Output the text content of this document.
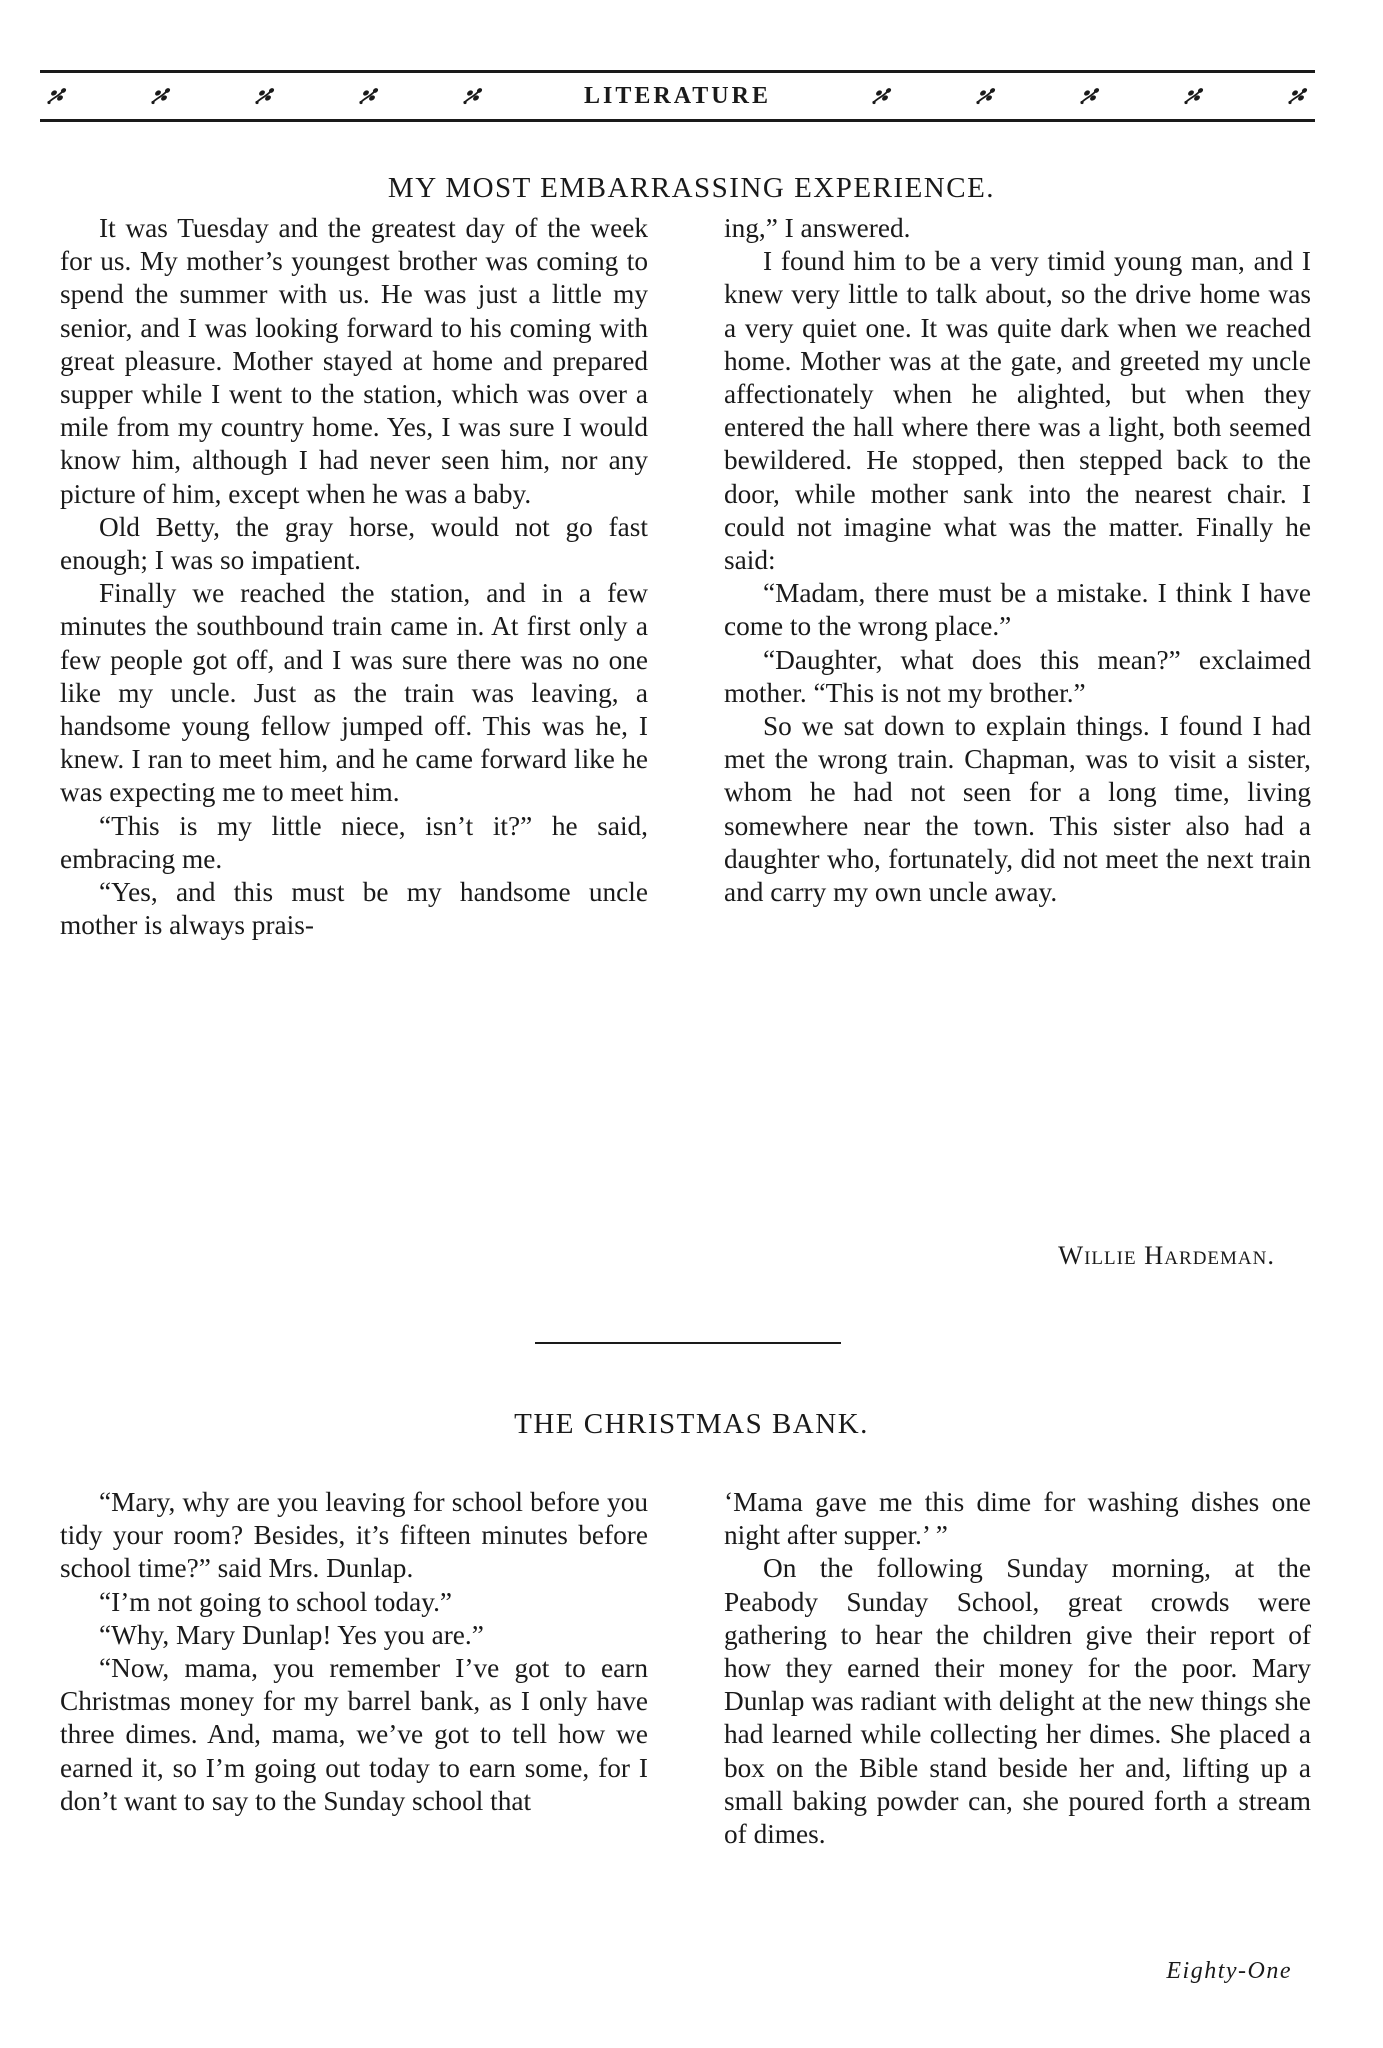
LITERATURE
MY MOST EMBARRASSING EXPERIENCE.

It was Tuesday and the greatest day of the week for us. My mother’s youngest brother was coming to spend the summer with us. He was just a little my senior, and I was looking forward to his coming with great pleasure. Mother stayed at home and prepared supper while I went to the station, which was over a mile from my country home. Yes, I was sure I would know him, although I had never seen him, nor any picture of him, except when he was a baby.

Old Betty, the gray horse, would not go fast enough; I was so impatient.

Finally we reached the station, and in a few minutes the southbound train came in. At first only a few people got off, and I was sure there was no one like my uncle. Just as the train was leaving, a handsome young fellow jumped off. This was he, I knew. I ran to meet him, and he came forward like he was expecting me to meet him.

“This is my little niece, isn’t it?” he said, embracing me.

“Yes, and this must be my handsome uncle mother is always prais-

ing,” I answered.

I found him to be a very timid young man, and I knew very little to talk about, so the drive home was a very quiet one. It was quite dark when we reached home. Mother was at the gate, and greeted my uncle affectionately when he alighted, but when they entered the hall where there was a light, both seemed bewildered. He stopped, then stepped back to the door, while mother sank into the nearest chair. I could not imagine what was the matter. Finally he said:

“Madam, there must be a mistake. I think I have come to the wrong place.”

“Daughter, what does this mean?” exclaimed mother. “This is not my brother.”

So we sat down to explain things. I found I had met the wrong train. Chapman, was to visit a sister, whom he had not seen for a long time, living somewhere near the town. This sister also had a daughter who, fortunately, did not meet the next train and carry my own uncle away.

Willie Hardeman.
THE CHRISTMAS BANK.

“Mary, why are you leaving for school before you tidy your room? Besides, it’s fifteen minutes before school time?” said Mrs. Dunlap.

“I’m not going to school today.”

“Why, Mary Dunlap! Yes you are.”

“Now, mama, you remember I’ve got to earn Christmas money for my barrel bank, as I only have three dimes. And, mama, we’ve got to tell how we earned it, so I’m going out today to earn some, for I don’t want to say to the Sunday school that

‘Mama gave me this dime for washing dishes one night after supper.’ ”

On the following Sunday morning, at the Peabody Sunday School, great crowds were gathering to hear the children give their report of how they earned their money for the poor. Mary Dunlap was radiant with delight at the new things she had learned while collecting her dimes. She placed a box on the Bible stand beside her and, lifting up a small baking powder can, she poured forth a stream of dimes.

Eighty-One
